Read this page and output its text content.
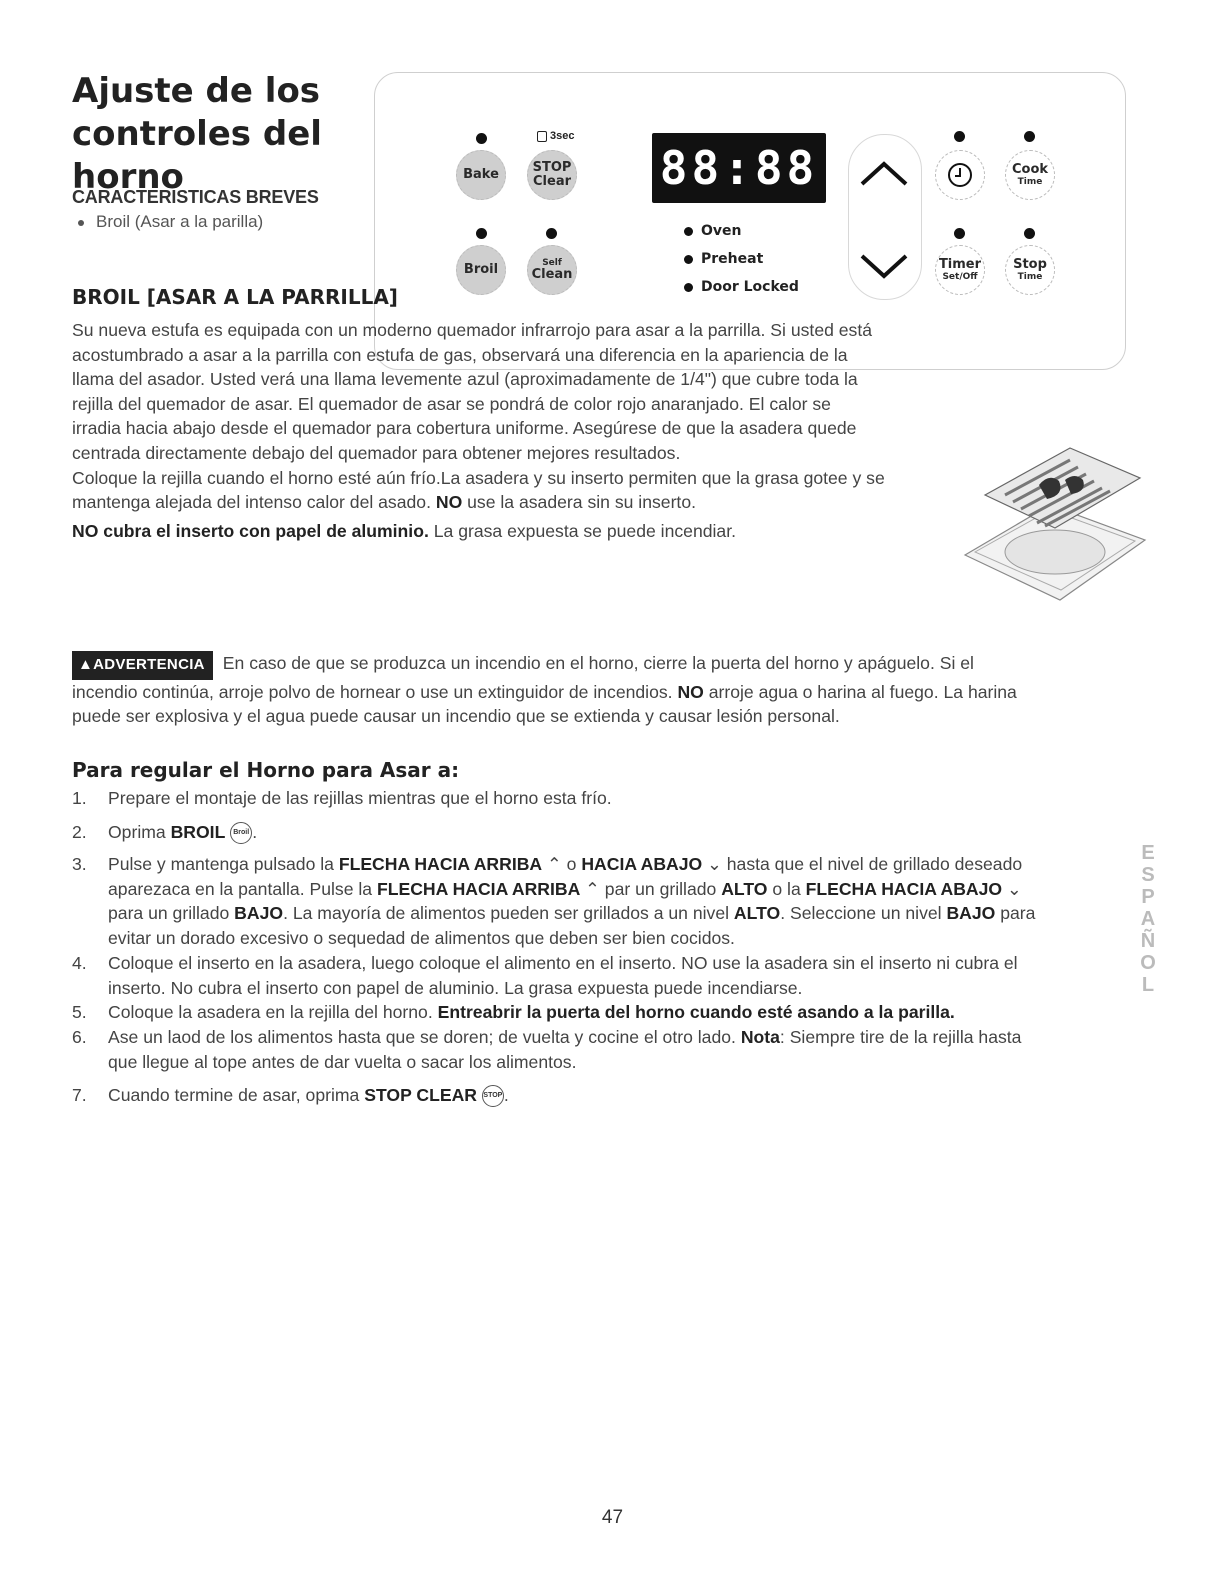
Ajuste de los
controles del
horno
CARACTERISTICAS BREVES
Broil (Asar a la parilla)
3sec
Bake	STOP
Clear
Broil	Self
Clean
88:88
Oven
Preheat
Door Locked
Cook
Time
Timer
Set/Off
Stop
Time
BROIL [ASAR A LA PARRILLA]
Su nueva estufa es equipada con un moderno quemador infrarrojo para asar a la parrilla. Si usted está
acostumbrado a asar a la parrilla con estufa de gas, observará una diferencia en la apariencia de la
llama del asador. Usted verá una llama levemente azul (aproximadamente de 1/4") que cubre toda la
rejilla del quemador de asar. El quemador de asar se pondrá de color rojo anaranjado. El calor se
irradia hacia abajo desde el quemador para cobertura uniforme. Asegúrese de que la asadera quede
centrada directamente debajo del quemador para obtener mejores resultados.
Coloque la rejilla cuando el horno esté aún frío.La asadera y su inserto permiten que la grasa gotee y se
mantenga alejada del intenso calor del asado. NO use la asadera sin su inserto.
NO cubra el inserto con papel de aluminio. La grasa expuesta se puede incendiar.
▲ADVERTENCIA En caso de que se produzca un incendio en el horno, cierre la puerta del horno y apáguelo. Si el
incendio continúa, arroje polvo de hornear o use un extinguidor de incendios. NO arroje agua o harina al fuego. La harina
puede ser explosiva y el agua puede causar un incendio que se extienda y causar lesión personal.
Para regular el Horno para Asar a:
1. Prepare el montaje de las rejillas mientras que el horno esta frío.
2. Oprima BROIL Broil .
3. Pulse y mantenga pulsado la FLECHA HACIA ARRIBA ⌃ o HACIA ABAJO ⌄ hasta que el nivel de grillado deseado
aparezaca en la pantalla. Pulse la FLECHA HACIA ARRIBA ⌃ par un grillado ALTO o la FLECHA HACIA ABAJO ⌄
para un grillado BAJO. La mayoría de alimentos pueden ser grillados a un nivel ALTO. Seleccione un nivel BAJO para
evitar un dorado excesivo o sequedad de alimentos que deben ser bien cocidos.
4. Coloque el inserto en la asadera, luego coloque el alimento en el inserto. NO use la asadera sin el inserto ni cubra el
inserto. No cubra el inserto con papel de aluminio. La grasa expuesta puede incendiarse.
5. Coloque la asadera en la rejilla del horno. Entreabrir la puerta del horno cuando esté asando a la parilla.
6. Ase un laod de los alimentos hasta que se doren; de vuelta y cocine el otro lado. Nota: Siempre tire de la rejilla hasta
que llegue al tope antes de dar vuelta o sacar los alimentos.
7. Cuando termine de asar, oprima STOP CLEAR STOP.
E
S
P
A
Ñ
O
L
47
